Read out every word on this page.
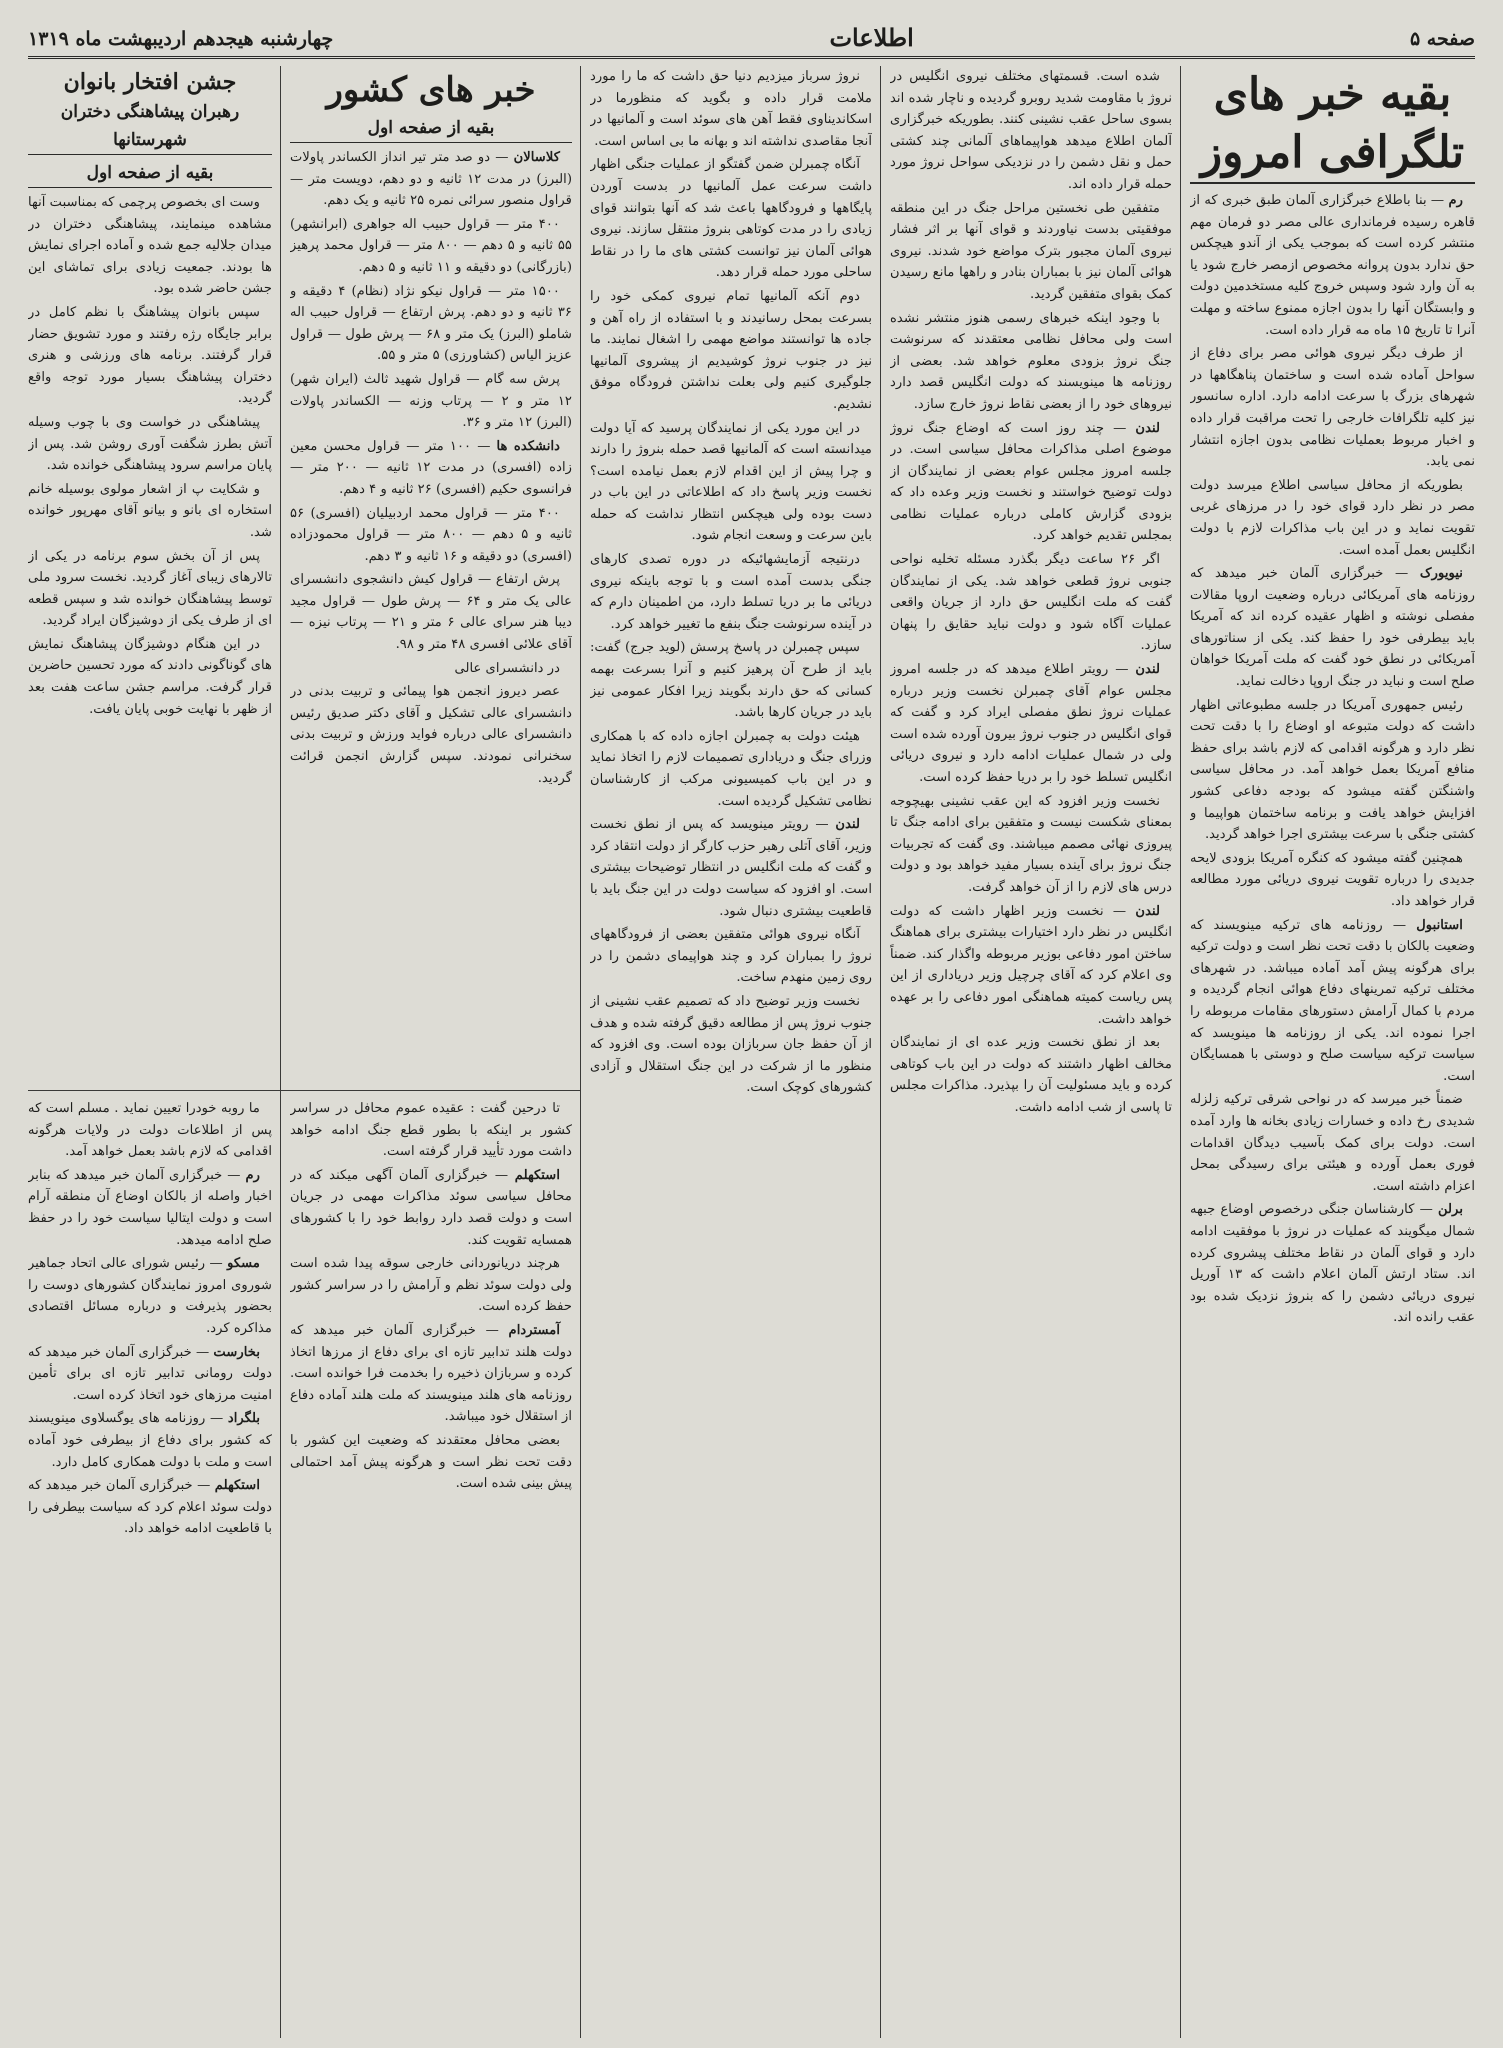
صفحه ۵
اطلاعات
چهارشنبه هیجدهم اردیبهشت ماه ۱۳۱۹
بقیه خبر های تلگرافی امروز

رم — بنا باطلاع خبرگزاری آلمان طبق خبری که از قاهره رسیده فرمانداری عالی مصر دو فرمان مهم منتشر کرده است که بموجب یکی از آندو هیچکس حق ندارد بدون پروانه مخصوص ازمصر خارج شود یا به آن وارد شود وسپس خروج کلیه مستخدمین دولت و وابستگان آنها را بدون اجازه ممنوع ساخته و مهلت آنرا تا تاریخ ۱۵ ماه مه قرار داده است.

از طرف دیگر نیروی هوائی مصر برای دفاع از سواحل آماده شده است و ساختمان پناهگاهها در شهرهای بزرگ با سرعت ادامه دارد. اداره سانسور نیز کلیه تلگرافات خارجی را تحت مراقبت قرار داده و اخبار مربوط بعملیات نظامی بدون اجازه انتشار نمی یابد.

بطوریکه از محافل سیاسی اطلاع میرسد دولت مصر در نظر دارد قوای خود را در مرزهای غربی تقویت نماید و در این باب مذاکرات لازم با دولت انگلیس بعمل آمده است.

نیویورک — خبرگزاری آلمان خبر میدهد که روزنامه های آمریکائی درباره وضعیت اروپا مقالات مفصلی نوشته و اظهار عقیده کرده اند که آمریکا باید بیطرفی خود را حفظ کند. یکی از سناتورهای آمریکائی در نطق خود گفت که ملت آمریکا خواهان صلح است و نباید در جنگ اروپا دخالت نماید.

رئیس جمهوری آمریکا در جلسه مطبوعاتی اظهار داشت که دولت متبوعه او اوضاع را با دقت تحت نظر دارد و هرگونه اقدامی که لازم باشد برای حفظ منافع آمریکا بعمل خواهد آمد. در محافل سیاسی واشنگتن گفته میشود که بودجه دفاعی کشور افزایش خواهد یافت و برنامه ساختمان هواپیما و کشتی جنگی با سرعت بیشتری اجرا خواهد گردید.

همچنین گفته میشود که کنگره آمریکا بزودی لایحه جدیدی را درباره تقویت نیروی دریائی مورد مطالعه قرار خواهد داد.

استانبول — روزنامه های ترکیه مینویسند که وضعیت بالکان با دقت تحت نظر است و دولت ترکیه برای هرگونه پیش آمد آماده میباشد. در شهرهای مختلف ترکیه تمرینهای دفاع هوائی انجام گردیده و مردم با کمال آرامش دستورهای مقامات مربوطه را اجرا نموده اند. یکی از روزنامه ها مینویسد که سیاست ترکیه سیاست صلح و دوستی با همسایگان است.

ضمناً خبر میرسد که در نواحی شرقی ترکیه زلزله شدیدی رخ داده و خسارات زیادی بخانه ها وارد آمده است. دولت برای کمک بآسیب دیدگان اقدامات فوری بعمل آورده و هیئتی برای رسیدگی بمحل اعزام داشته است.

برلن — کارشناسان جنگی درخصوص اوضاع جبهه شمال میگویند که عملیات در نروژ با موفقیت ادامه دارد و قوای آلمان در نقاط مختلف پیشروی کرده اند. ستاد ارتش آلمان اعلام داشت که ۱۳ آوریل نیروی دریائی دشمن را که بنروژ نزدیک شده بود عقب رانده اند.

شده است. قسمتهای مختلف نیروی انگلیس در نروژ با مقاومت شدید روبرو گردیده و ناچار شده اند بسوی ساحل عقب نشینی کنند. بطوریکه خبرگزاری آلمان اطلاع میدهد هواپیماهای آلمانی چند کشتی حمل و نقل دشمن را در نزدیکی سواحل نروژ مورد حمله قرار داده اند.

متفقین طی نخستین مراحل جنگ در این منطقه موفقیتی بدست نیاوردند و قوای آنها بر اثر فشار نیروی آلمان مجبور بترک مواضع خود شدند. نیروی هوائی آلمان نیز با بمباران بنادر و راهها مانع رسیدن کمک بقوای متفقین گردید.

با وجود اینکه خبرهای رسمی هنوز منتشر نشده است ولی محافل نظامی معتقدند که سرنوشت جنگ نروژ بزودی معلوم خواهد شد. بعضی از روزنامه ها مینویسند که دولت انگلیس قصد دارد نیروهای خود را از بعضی نقاط نروژ خارج سازد.

لندن — چند روز است که اوضاع جنگ نروژ موضوع اصلی مذاکرات محافل سیاسی است. در جلسه امروز مجلس عوام بعضی از نمایندگان از دولت توضیح خواستند و نخست وزیر وعده داد که بزودی گزارش کاملی درباره عملیات نظامی بمجلس تقدیم خواهد کرد.

اگر ۲۶ ساعت دیگر بگذرد مسئله تخلیه نواحی جنوبی نروژ قطعی خواهد شد. یکی از نمایندگان گفت که ملت انگلیس حق دارد از جریان واقعی عملیات آگاه شود و دولت نباید حقایق را پنهان سازد.

لندن — رویتر اطلاع میدهد که در جلسه امروز مجلس عوام آقای چمبرلن نخست وزیر درباره عملیات نروژ نطق مفصلی ایراد کرد و گفت که قوای انگلیس در جنوب نروژ بیرون آورده شده است ولی در شمال عملیات ادامه دارد و نیروی دریائی انگلیس تسلط خود را بر دریا حفظ کرده است.

نخست وزیر افزود که این عقب نشینی بهیچوجه بمعنای شکست نیست و متفقین برای ادامه جنگ تا پیروزی نهائی مصمم میباشند. وی گفت که تجربیات جنگ نروژ برای آینده بسیار مفید خواهد بود و دولت درس های لازم را از آن خواهد گرفت.

لندن — نخست وزیر اظهار داشت که دولت انگلیس در نظر دارد اختیارات بیشتری برای هماهنگ ساختن امور دفاعی بوزیر مربوطه واگذار کند. ضمناً وی اعلام کرد که آقای چرچیل وزیر دریاداری از این پس ریاست کمیته هماهنگی امور دفاعی را بر عهده خواهد داشت.

بعد از نطق نخست وزیر عده ای از نمایندگان مخالف اظهار داشتند که دولت در این باب کوتاهی کرده و باید مسئولیت آن را بپذیرد. مذاکرات مجلس تا پاسی از شب ادامه داشت.

نروژ سرباز میزدیم دنیا حق داشت که ما را مورد ملامت قرار داده و بگوید که منظورما در اسکاندیناوی فقط آهن های سوئد است و آلمانیها در آنجا مقاصدی نداشته اند و بهانه ما بی اساس است.

آنگاه چمبرلن ضمن گفتگو از عملیات جنگی اظهار داشت سرعت عمل آلمانیها در بدست آوردن پایگاهها و فرودگاهها باعث شد که آنها بتوانند قوای زیادی را در مدت کوتاهی بنروژ منتقل سازند. نیروی هوائی آلمان نیز توانست کشتی های ما را در نقاط ساحلی مورد حمله قرار دهد.

دوم آنکه آلمانیها تمام نیروی کمکی خود را بسرعت بمحل رسانیدند و با استفاده از راه آهن و جاده ها توانستند مواضع مهمی را اشغال نمایند. ما نیز در جنوب نروژ کوشیدیم از پیشروی آلمانیها جلوگیری کنیم ولی بعلت نداشتن فرودگاه موفق نشدیم.

در این مورد یکی از نمایندگان پرسید که آیا دولت میدانسته است که آلمانیها قصد حمله بنروژ را دارند و چرا پیش از این اقدام لازم بعمل نیامده است؟ نخست وزیر پاسخ داد که اطلاعاتی در این باب در دست بوده ولی هیچکس انتظار نداشت که حمله باین سرعت و وسعت انجام شود.

درنتیجه آزمایشهائیکه در دوره تصدی کارهای جنگی بدست آمده است و با توجه باینکه نیروی دریائی ما بر دریا تسلط دارد، من اطمینان دارم که در آینده سرنوشت جنگ بنفع ما تغییر خواهد کرد.

سپس چمبرلن در پاسخ پرسش (لوید جرج) گفت: باید از طرح آن پرهیز کنیم و آنرا بسرعت بهمه کسانی که حق دارند بگویند زیرا افکار عمومی نیز باید در جریان کارها باشد.

هیئت دولت به چمبرلن اجازه داده که با همکاری وزرای جنگ و دریاداری تصمیمات لازم را اتخاذ نماید و در این باب کمیسیونی مرکب از کارشناسان نظامی تشکیل گردیده است.

لندن — رویتر مینویسد که پس از نطق نخست وزیر، آقای آتلی رهبر حزب کارگر از دولت انتقاد کرد و گفت که ملت انگلیس در انتظار توضیحات بیشتری است. او افزود که سیاست دولت در این جنگ باید با قاطعیت بیشتری دنبال شود.

آنگاه نیروی هوائی متفقین بعضی از فرودگاههای نروژ را بمباران کرد و چند هواپیمای دشمن را در روی زمین منهدم ساخت.

نخست وزیر توضیح داد که تصمیم عقب نشینی از جنوب نروژ پس از مطالعه دقیق گرفته شده و هدف از آن حفظ جان سربازان بوده است. وی افزود که منظور ما از شرکت در این جنگ استقلال و آزادی کشورهای کوچک است.

خبر های کشور
بقیه از صفحه اول

کلاسالان — دو صد متر تیر انداز الکساندر پاولات (البرز) در مدت ۱۲ ثانیه و دو دهم، دویست متر — قراول منصور سرائی نمره ۲۵ ثانیه و یک دهم.

۴۰۰ متر — قراول حبیب اله جواهری (ابرانشهر) ۵۵ ثانیه و ۵ دهم — ۸۰۰ متر — قراول محمد پرهیز (بازرگانی) دو دقیقه و ۱۱ ثانیه و ۵ دهم.

۱۵۰۰ متر — قراول نیکو نژاد (نظام) ۴ دقیقه و ۳۶ ثانیه و دو دهم. پرش ارتفاع — قراول حبیب اله شاملو (البرز) یک متر و ۶۸ — پرش طول — قراول عزیز الیاس (کشاورزی) ۵ متر و ۵۵.

پرش سه گام — قراول شهید ثالث (ایران شهر) ۱۲ متر و ۲ — پرتاب وزنه — الکساندر پاولات (البرز) ۱۲ متر و ۳۶.

دانشکده ها — ۱۰۰ متر — قراول محسن معین زاده (افسری) در مدت ۱۲ ثانیه — ۲۰۰ متر — فرانسوی حکیم (افسری) ۲۶ ثانیه و ۴ دهم.

۴۰۰ متر — قراول محمد اردبیلیان (افسری) ۵۶ ثانیه و ۵ دهم — ۸۰۰ متر — قراول محمودزاده (افسری) دو دقیقه و ۱۶ ثانیه و ۳ دهم.

پرش ارتفاع — قراول کیش دانشجوی دانشسرای عالی یک متر و ۶۴ — پرش طول — قراول مجید دیبا هنر سرای عالی ۶ متر و ۲۱ — پرتاب نیزه — آقای علائی افسری ۴۸ متر و ۹۸.

در دانشسرای عالی

عصر دیروز انجمن هوا پیمائی و تربیت بدنی در دانشسرای عالی تشکیل و آقای دکتر صدیق رئیس دانشسرای عالی درباره فواید ورزش و تربیت بدنی سخنرانی نمودند. سپس گزارش انجمن قرائت گردید.

جشن افتخار بانوان
رهبران پیشاهنگی دختران شهرستانها
بقیه از صفحه اول

وست ای بخصوص پرچمی که بمناسبت آنها مشاهده مینمایند، پیشاهنگی دختران در میدان جلالیه جمع شده و آماده اجرای نمایش ها بودند. جمعیت زیادی برای تماشای این جشن حاضر شده بود.

سپس بانوان پیشاهنگ با نظم کامل در برابر جایگاه رژه رفتند و مورد تشویق حضار قرار گرفتند. برنامه های ورزشی و هنری دختران پیشاهنگ بسیار مورد توجه واقع گردید.

پیشاهنگی در خواست وی با چوب وسیله آتش بطرز شگفت آوری روشن شد. پس از پایان مراسم سرود پیشاهنگی خوانده شد.

و شکایت پ از اشعار مولوی بوسیله خانم استخاره ای بانو و بیانو آقای مهرپور خوانده شد.

پس از آن بخش سوم برنامه در یکی از تالارهای زیبای آغاز گردید. نخست سرود ملی توسط پیشاهنگان خوانده شد و سپس قطعه ای از طرف یکی از دوشیزگان ایراد گردید.

در این هنگام دوشیزگان پیشاهنگ نمایش های گوناگونی دادند که مورد تحسین حاضرین قرار گرفت. مراسم جشن ساعت هفت بعد از ظهر با نهایت خوبی پایان یافت.

ما روبه خودرا تعیین نماید . مسلم است که پس از اطلاعات دولت در ولایات هرگونه اقدامی که لازم باشد بعمل خواهد آمد.

رم — خبرگزاری آلمان خبر میدهد که بنابر اخبار واصله از بالکان اوضاع آن منطقه آرام است و دولت ایتالیا سیاست خود را در حفظ صلح ادامه میدهد.

مسکو — رئیس شورای عالی اتحاد جماهیر شوروی امروز نمایندگان کشورهای دوست را بحضور پذیرفت و درباره مسائل اقتصادی مذاکره کرد.

بخارست — خبرگزاری آلمان خبر میدهد که دولت رومانی تدابیر تازه ای برای تأمین امنیت مرزهای خود اتخاذ کرده است.

بلگراد — روزنامه های یوگسلاوی مینویسند که کشور برای دفاع از بیطرفی خود آماده است و ملت با دولت همکاری کامل دارد.

استکهلم — خبرگزاری آلمان خبر میدهد که دولت سوئد اعلام کرد که سیاست بیطرفی را با قاطعیت ادامه خواهد داد.

تا درحین گفت : عقیده عموم محافل در سراسر کشور بر اینکه با بطور قطع جنگ ادامه خواهد داشت مورد تأیید قرار گرفته است.

استکهلم — خبرگزاری آلمان آگهی میکند که در محافل سیاسی سوئد مذاکرات مهمی در جریان است و دولت قصد دارد روابط خود را با کشورهای همسایه تقویت کند.

هرچند دریانوردانی خارجی سوقه پیدا شده است ولی دولت سوئد نظم و آرامش را در سراسر کشور حفظ کرده است.

آمستردام — خبرگزاری آلمان خبر میدهد که دولت هلند تدابیر تازه ای برای دفاع از مرزها اتخاذ کرده و سربازان ذخیره را بخدمت فرا خوانده است. روزنامه های هلند مینویسند که ملت هلند آماده دفاع از استقلال خود میباشد.

بعضی محافل معتقدند که وضعیت این کشور با دقت تحت نظر است و هرگونه پیش آمد احتمالی پیش بینی شده است.
